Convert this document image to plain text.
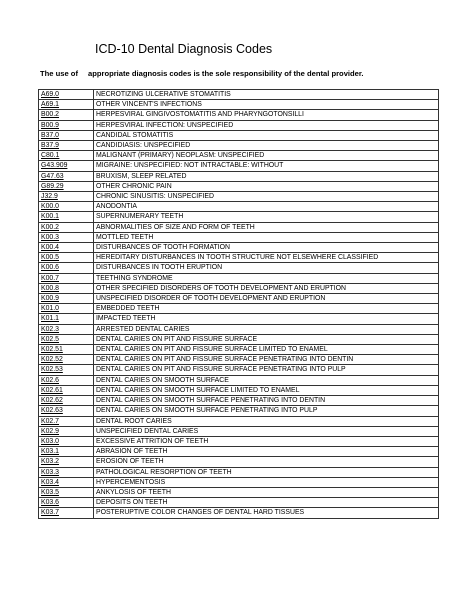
ICD-10 Dental Diagnosis Codes
The use of appropriate diagnosis codes is the sole responsibility of the dental provider.
A69.0	NECROTIZING ULCERATIVE STOMATITIS
A69.1	OTHER VINCENT'S INFECTIONS
B00.2	HERPESVIRAL GINGIVOSTOMATITIS AND PHARYNGOTONSILLI
B00.9	HERPESVIRAL INFECTION: UNSPECIFIED
B37.0	CANDIDAL STOMATITIS
B37.9	CANDIDIASIS: UNSPECIFIED
C80.1	MALIGNANT (PRIMARY) NEOPLASM: UNSPECIFIED
G43.909	MIGRAINE: UNSPECIFIED: NOT INTRACTABLE: WITHOUT
G47.63	BRUXISM, SLEEP RELATED
G89.29	OTHER CHRONIC PAIN
J32.9	CHRONIC SINUSITIS: UNSPECIFIED
K00.0	ANODONTIA
K00.1	SUPERNUMERARY TEETH
K00.2	ABNORMALITIES OF SIZE AND FORM OF TEETH
K00.3	MOTTLED TEETH
K00.4	DISTURBANCES OF TOOTH FORMATION
K00.5	HEREDITARY DISTURBANCES IN TOOTH STRUCTURE NOT ELSEWHERE CLASSIFIED
K00.6	DISTURBANCES IN TOOTH ERUPTION
K00.7	TEETHING SYNDROME
K00.8	OTHER SPECIFIED DISORDERS OF TOOTH DEVELOPMENT AND ERUPTION
K00.9	UNSPECIFIED DISORDER OF TOOTH DEVELOPMENT AND ERUPTION
K01.0	EMBEDDED TEETH
K01.1	IMPACTED TEETH
K02.3	ARRESTED DENTAL CARIES
K02.5	DENTAL CARIES ON PIT AND FISSURE SURFACE
K02.51	DENTAL CARIES ON PIT AND FISSURE SURFACE LIMITED TO ENAMEL
K02.52	DENTAL CARIES ON PIT AND FISSURE SURFACE PENETRATING INTO DENTIN
K02.53	DENTAL CARIES ON PIT AND FISSURE SURFACE PENETRATING INTO PULP
K02.6	DENTAL CARIES ON SMOOTH SURFACE
K02.61	DENTAL CARIES ON SMOOTH SURFACE LIMITED TO ENAMEL
K02.62	DENTAL CARIES ON SMOOTH SURFACE PENETRATING INTO DENTIN
K02.63	DENTAL CARIES ON SMOOTH SURFACE PENETRATING INTO PULP
K02.7	DENTAL ROOT CARIES
K02.9	UNSPECIFIED DENTAL CARIES
K03.0	EXCESSIVE ATTRITION OF TEETH
K03.1	ABRASION OF TEETH
K03.2	EROSION OF TEETH
K03.3	PATHOLOGICAL RESORPTION OF TEETH
K03.4	HYPERCEMENTOSIS
K03.5	ANKYLOSIS OF TEETH
K03.6	DEPOSITS ON TEETH
K03.7	POSTERUPTIVE COLOR CHANGES OF DENTAL HARD TISSUES
